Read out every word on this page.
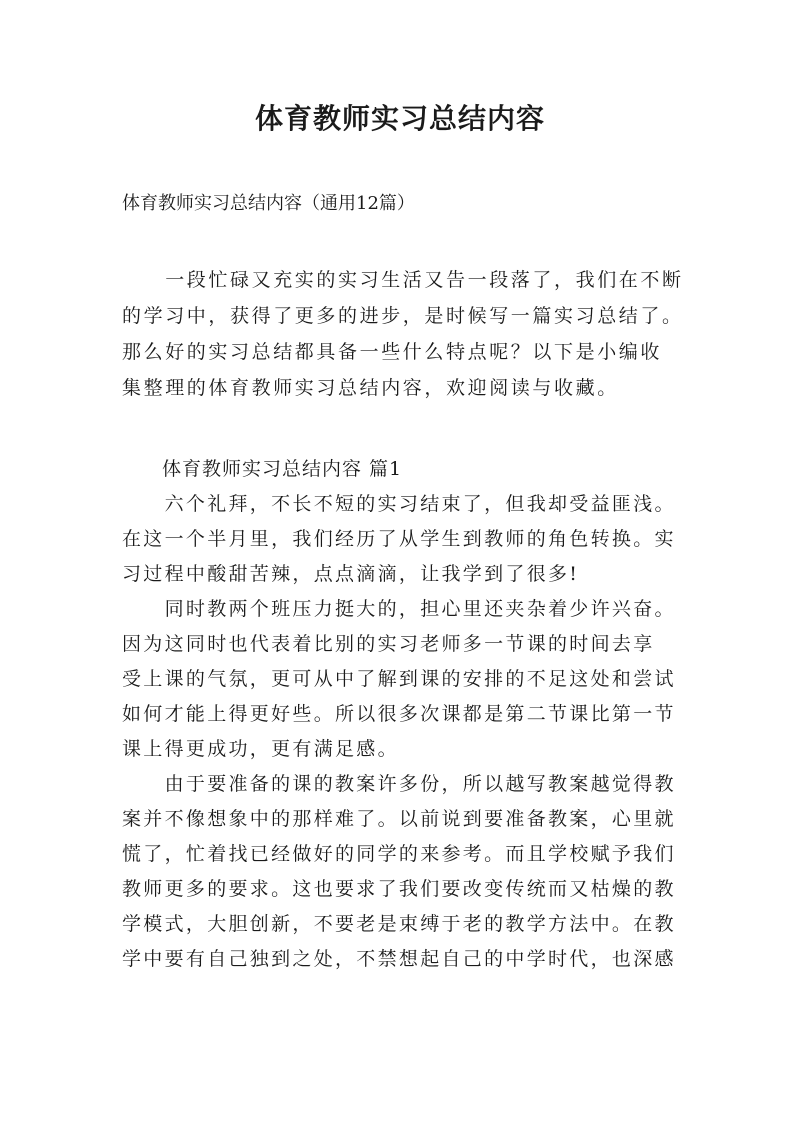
体育教师实习总结内容
体育教师实习总结内容（通用12篇）
　　一段忙碌又充实的实习生活又告一段落了，我们在不断
的学习中，获得了更多的进步，是时候写一篇实习总结了。
那么好的实习总结都具备一些什么特点呢？以下是小编收
集整理的体育教师实习总结内容，欢迎阅读与收藏。
体育教师实习总结内容 篇1

　　六个礼拜，不长不短的实习结束了，但我却受益匪浅。
在这一个半月里，我们经历了从学生到教师的角色转换。实
习过程中酸甜苦辣，点点滴滴，让我学到了很多!

　　同时教两个班压力挺大的，担心里还夹杂着少许兴奋。
因为这同时也代表着比别的实习老师多一节课的时间去享
受上课的气氛，更可从中了解到课的安排的不足这处和尝试
如何才能上得更好些。所以很多次课都是第二节课比第一节
课上得更成功，更有满足感。

　　由于要准备的课的教案许多份，所以越写教案越觉得教
案并不像想象中的那样难了。以前说到要准备教案，心里就
慌了，忙着找已经做好的同学的来参考。而且学校赋予我们
教师更多的要求。这也要求了我们要改变传统而又枯燥的教
学模式，大胆创新，不要老是束缚于老的教学方法中。在教
学中要有自己独到之处，不禁想起自己的中学时代，也深感
